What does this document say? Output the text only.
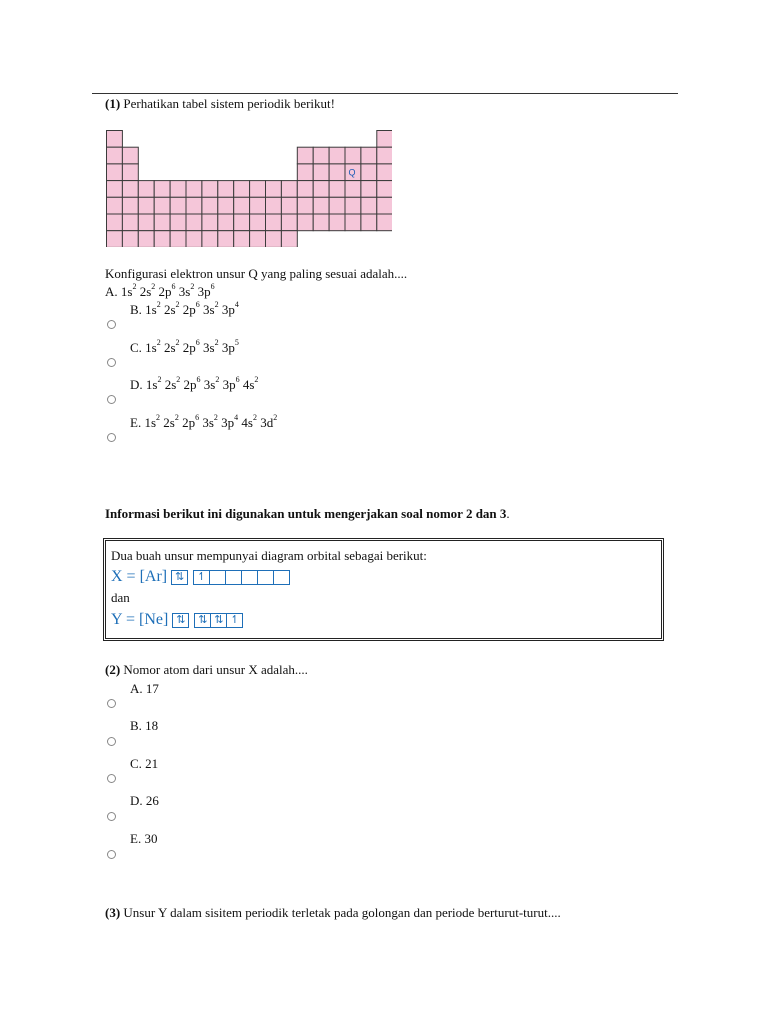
(1) Perhatikan tabel sistem periodik berikut!
Q
Konfigurasi elektron unsur Q yang paling sesuai adalah....
A. $1s^2$ $2s^2$ $2p^6$ $3s^2$ $3p^6$
B. $1s^2$ $2s^2$ $2p^6$ $3s^2$ $3p^4$
C. $1s^2$ $2s^2$ $2p^6$ $3s^2$ $3p^5$
D. $1s^2$ $2s^2$ $2p^6$ $3s^2$ $3p^6$ $4s^2$
E. $1s^2$ $2s^2$ $2p^6$ $3s^2$ $3p^4$ $4s^2$ $3d^2$
Informasi berikut ini digunakan untuk mengerjakan soal nomor 2 dan 3.
Dua buah unsur mempunyai diagram orbital sebagai berikut:
X = [Ar] ⇅ ↿
dan
Y = [Ne] ⇅ ⇅ ⇅ ↿
(2) Nomor atom dari unsur X adalah....
A. 17
B. 18
C. 21
D. 26
E. 30
(3) Unsur Y dalam sisitem periodik terletak pada golongan dan periode berturut-turut....
